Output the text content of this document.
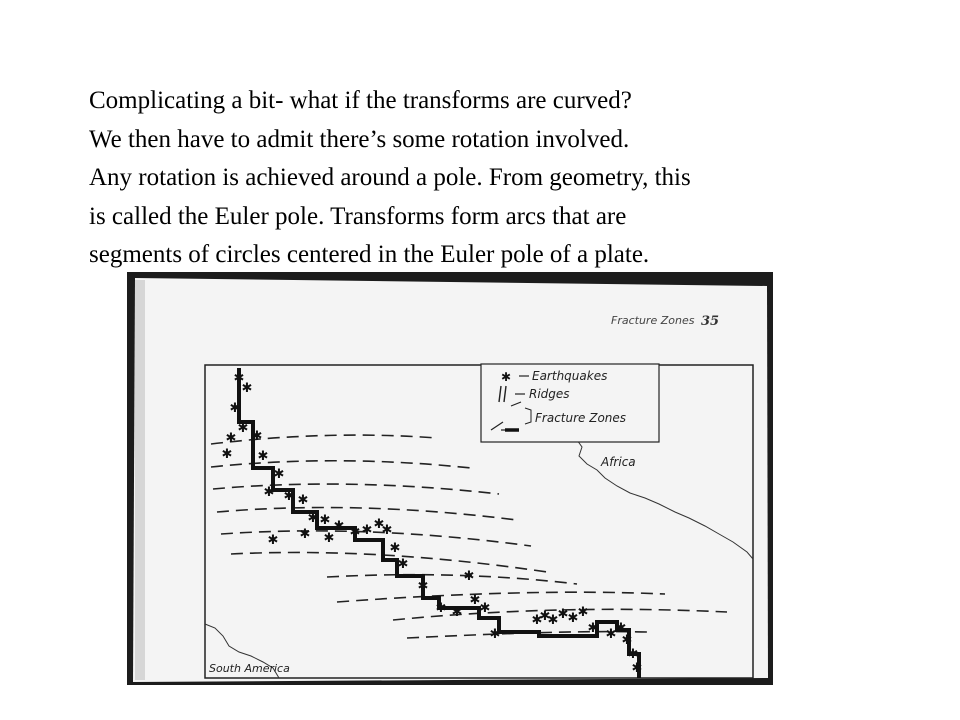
Complicating a bit- what if the transforms are curved?
We then have to admit there’s some rotation involved.
Any rotation is achieved around a pole. From geometry, this
is called the Euler pole. Transforms form arcs that are
segments of circles centered in the Euler pole of a plate.
Fracture Zones 35
✱
✱
✱
✱
✱ ✱
✱ ✱
✱
✱ ✱ ✱
✱ ✱ ✱ ✱ ✱ ✱
✱
✱
✱
✱
✱
✱
✱
✱
✱ ✱
✱
✱
✱
✱
✱
✱ ✱ ✱ ✱
✱ ✱ ✱
✱
✱
✱
✱ Earthquakes
Ridges
Fracture Zones
Africa
South America
